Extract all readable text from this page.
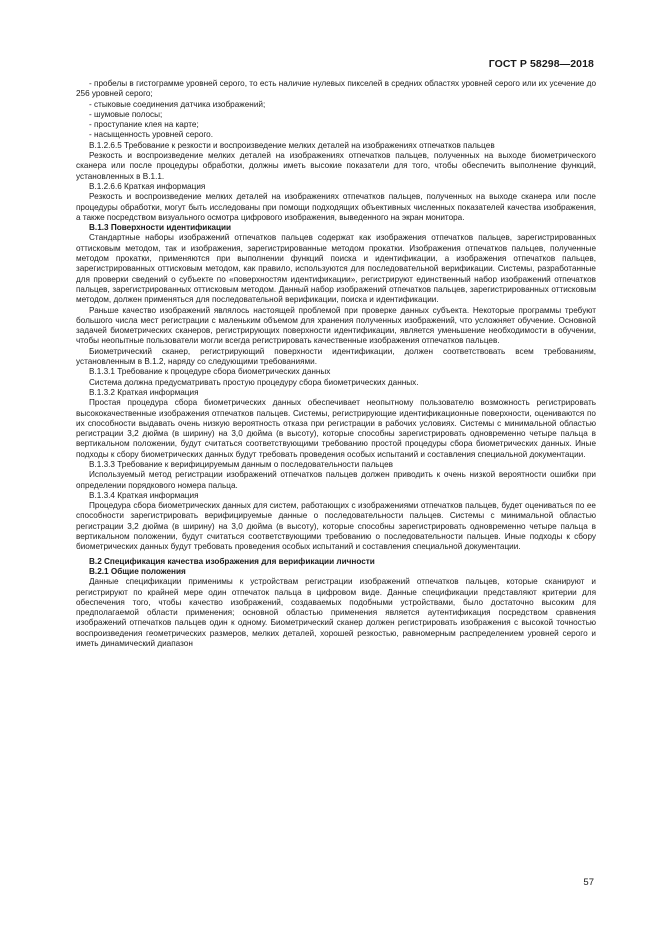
ГОСТ Р 58298—2018

- пробелы в гистограмме уровней серого, то есть наличие нулевых пикселей в средних областях уровней серого или их усечение до 256 уровней серого;

- стыковые соединения датчика изображений;

- шумовые полосы;

- проступание клея на карте;

- насыщенность уровней серого.

В.1.2.6.5 Требование к резкости и воспроизведение мелких деталей на изображениях отпечатков пальцев

Резкость и воспроизведение мелких деталей на изображениях отпечатков пальцев, полученных на выходе биометрического сканера или после процедуры обработки, должны иметь высокие показатели для того, чтобы обеспечить выполнение функций, установленных в В.1.1.

В.1.2.6.6 Краткая информация

Резкость и воспроизведение мелких деталей на изображениях отпечатков пальцев, полученных на выходе сканера или после процедуры обработки, могут быть исследованы при помощи подходящих объективных численных показателей качества изображения, а также посредством визуального осмотра цифрового изображения, выведенного на экран монитора.

В.1.3 Поверхности идентификации

Стандартные наборы изображений отпечатков пальцев содержат как изображения отпечатков пальцев, зарегистрированных оттисковым методом, так и изображения, зарегистрированные методом прокатки. Изображения отпечатков пальцев, полученные методом прокатки, применяются при выполнении функций поиска и идентификации, а изображения отпечатков пальцев, зарегистрированных оттисковым методом, как правило, используются для последовательной верификации. Системы, разработанные для проверки сведений о субъекте по «поверхностям идентификации», регистрируют единственный набор изображений отпечатков пальцев, зарегистрированных оттисковым методом. Данный набор изображений отпечатков пальцев, зарегистрированных оттисковым методом, должен применяться для последовательной верификации, поиска и идентификации.

Раньше качество изображений являлось настоящей проблемой при проверке данных субъекта. Некоторые программы требуют большого числа мест регистрации с маленьким объемом для хранения полученных изображений, что усложняет обучение. Основной задачей биометрических сканеров, регистрирующих поверхности идентификации, является уменьшение необходимости в обучении, чтобы неопытные пользователи могли всегда регистрировать качественные изображения отпечатков пальцев.

Биометрический сканер, регистрирующий поверхности идентификации, должен соответствовать всем требованиям, установленным в В.1.2, наряду со следующими требованиями.

В.1.3.1 Требование к процедуре сбора биометрических данных

Система должна предусматривать простую процедуру сбора биометрических данных.

В.1.3.2 Краткая информация

Простая процедура сбора биометрических данных обеспечивает неопытному пользователю возможность регистрировать высококачественные изображения отпечатков пальцев. Системы, регистрирующие идентификационные поверхности, оцениваются по их способности выдавать очень низкую вероятность отказа при регистрации в рабочих условиях. Системы с минимальной областью регистрации 3,2 дюйма (в ширину) на 3,0 дюйма (в высоту), которые способны зарегистрировать одновременно четыре пальца в вертикальном положении, будут считаться соответствующими требованию простой процедуры сбора биометрических данных. Иные подходы к сбору биометрических данных будут требовать проведения особых испытаний и составления специальной документации.

В.1.3.3 Требование к верифицируемым данным о последовательности пальцев

Используемый метод регистрации изображений отпечатков пальцев должен приводить к очень низкой вероятности ошибки при определении порядкового номера пальца.

В.1.3.4 Краткая информация

Процедура сбора биометрических данных для систем, работающих с изображениями отпечатков пальцев, будет оцениваться по ее способности зарегистрировать верифицируемые данные о последовательности пальцев. Системы с минимальной областью регистрации 3,2 дюйма (в ширину) на 3,0 дюйма (в высоту), которые способны зарегистрировать одновременно четыре пальца в вертикальном положении, будут считаться соответствующими требованию о последовательности пальцев. Иные подходы к сбору биометрических данных будут требовать проведения особых испытаний и составления специальной документации.

В.2 Спецификация качества изображения для верификации личности

В.2.1 Общие положения

Данные спецификации применимы к устройствам регистрации изображений отпечатков пальцев, которые сканируют и регистрируют по крайней мере один отпечаток пальца в цифровом виде. Данные спецификации представляют критерии для обеспечения того, чтобы качество изображений, создаваемых подобными устройствами, было достаточно высоким для предполагаемой области применения; основной областью применения является аутентификация посредством сравнения изображений отпечатков пальцев один к одному. Биометрический сканер должен регистрировать изображения с высокой точностью воспроизведения геометрических размеров, мелких деталей, хорошей резкостью, равномерным распределением уровней серого и иметь динамический диапазон

57
